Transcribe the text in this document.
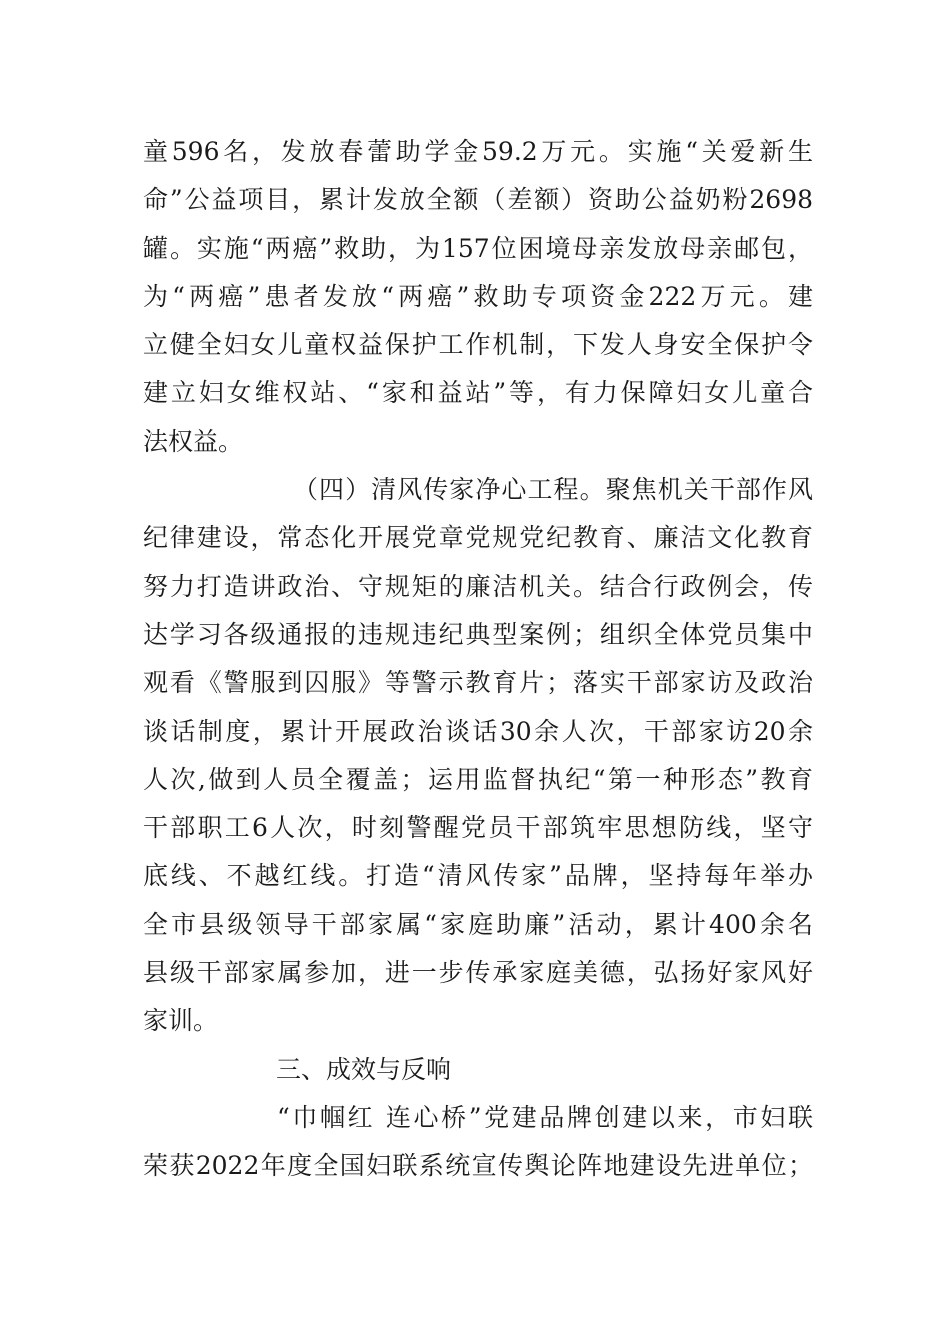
童596名，发放春蕾助学金59.2万元。实施“关爱新生
命”公益项目，累计发放全额（差额）资助公益奶粉2698
罐。实施“两癌”救助，为157位困境母亲发放母亲邮包，
为“两癌”患者发放“两癌”救助专项资金222万元。建
立健全妇女儿童权益保护工作机制，下发人身安全保护令
建立妇女维权站、“家和益站”等，有力保障妇女儿童合
法权益。
（四）清风传家净心工程。聚焦机关干部作风
纪律建设，常态化开展党章党规党纪教育、廉洁文化教育
努力打造讲政治、守规矩的廉洁机关。结合行政例会，传
达学习各级通报的违规违纪典型案例；组织全体党员集中
观看《警服到囚服》等警示教育片；落实干部家访及政治
谈话制度，累计开展政治谈话30余人次，干部家访20余
人次,做到人员全覆盖；运用监督执纪“第一种形态”教育
干部职工6人次，时刻警醒党员干部筑牢思想防线，坚守
底线、不越红线。打造“清风传家”品牌，坚持每年举办
全市县级领导干部家属“家庭助廉”活动，累计400余名
县级干部家属参加，进一步传承家庭美德，弘扬好家风好
家训。
三、成效与反响
“巾帼红 连心桥”党建品牌创建以来，市妇联
荣获2022年度全国妇联系统宣传舆论阵地建设先进单位；
